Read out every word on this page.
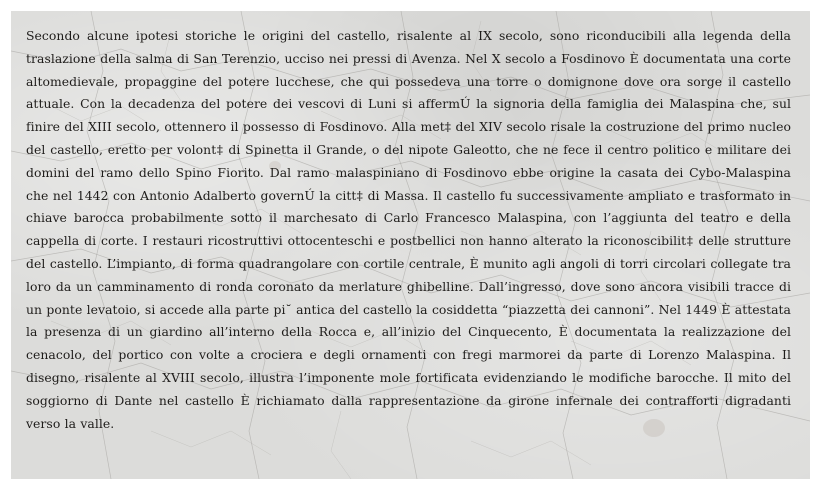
Secondo alcune ipotesi storiche le origini del castello, risalente al IX secolo, sono riconducibili alla legenda della traslazione della salma di San Terenzio, ucciso nei pressi di Avenza. Nel X secolo a Fosdinovo È documentata una corte altomedievale, propaggine del potere lucchese, che qui possedeva una torre o domignone dove ora sorge il castello attuale. Con la decadenza del potere dei vescovi di Luni si affermÚ la signoria della famiglia dei Malaspina che, sul finire del XIII secolo, ottennero il possesso di Fosdinovo. Alla met‡ del XIV secolo risale la costruzione del primo nucleo del castello, eretto per volont‡ di Spinetta il Grande, o del nipote Galeotto, che ne fece il centro politico e militare dei domini del ramo dello Spino Fiorito. Dal ramo malaspiniano di Fosdinovo ebbe origine la casata dei Cybo-Malaspina che nel 1442 con Antonio Adalberto governÚ la citt‡ di Massa. Il castello fu successivamente ampliato e trasformato in chiave barocca probabilmente sotto il marchesato di Carlo Francesco Malaspina, con l’aggiunta del teatro e della cappella di corte. I restauri ricostruttivi ottocenteschi e postbellici non hanno alterato la riconoscibilit‡ delle strutture del castello. L’impianto, di forma quadrangolare con cortile centrale, È munito agli angoli di torri circolari collegate tra loro da un camminamento di ronda coronato da merlature ghibelline. Dall’ingresso, dove sono ancora visibili tracce di un ponte levatoio, si accede alla parte pi˘ antica del castello la cosiddetta “piazzetta dei cannoni”. Nel 1449 È attestata la presenza di un giardino all’interno della Rocca e, all’inizio del Cinquecento, È documentata la realizzazione del cenacolo, del portico con volte a crociera e degli ornamenti con fregi marmorei da parte di Lorenzo Malaspina. Il disegno, risalente al XVIII secolo, illustra l’imponente mole fortificata evidenziando le modifiche barocche. Il mito del soggiorno di Dante nel castello È richiamato dalla rappresentazione da girone infernale dei contrafforti digradanti verso la valle.
